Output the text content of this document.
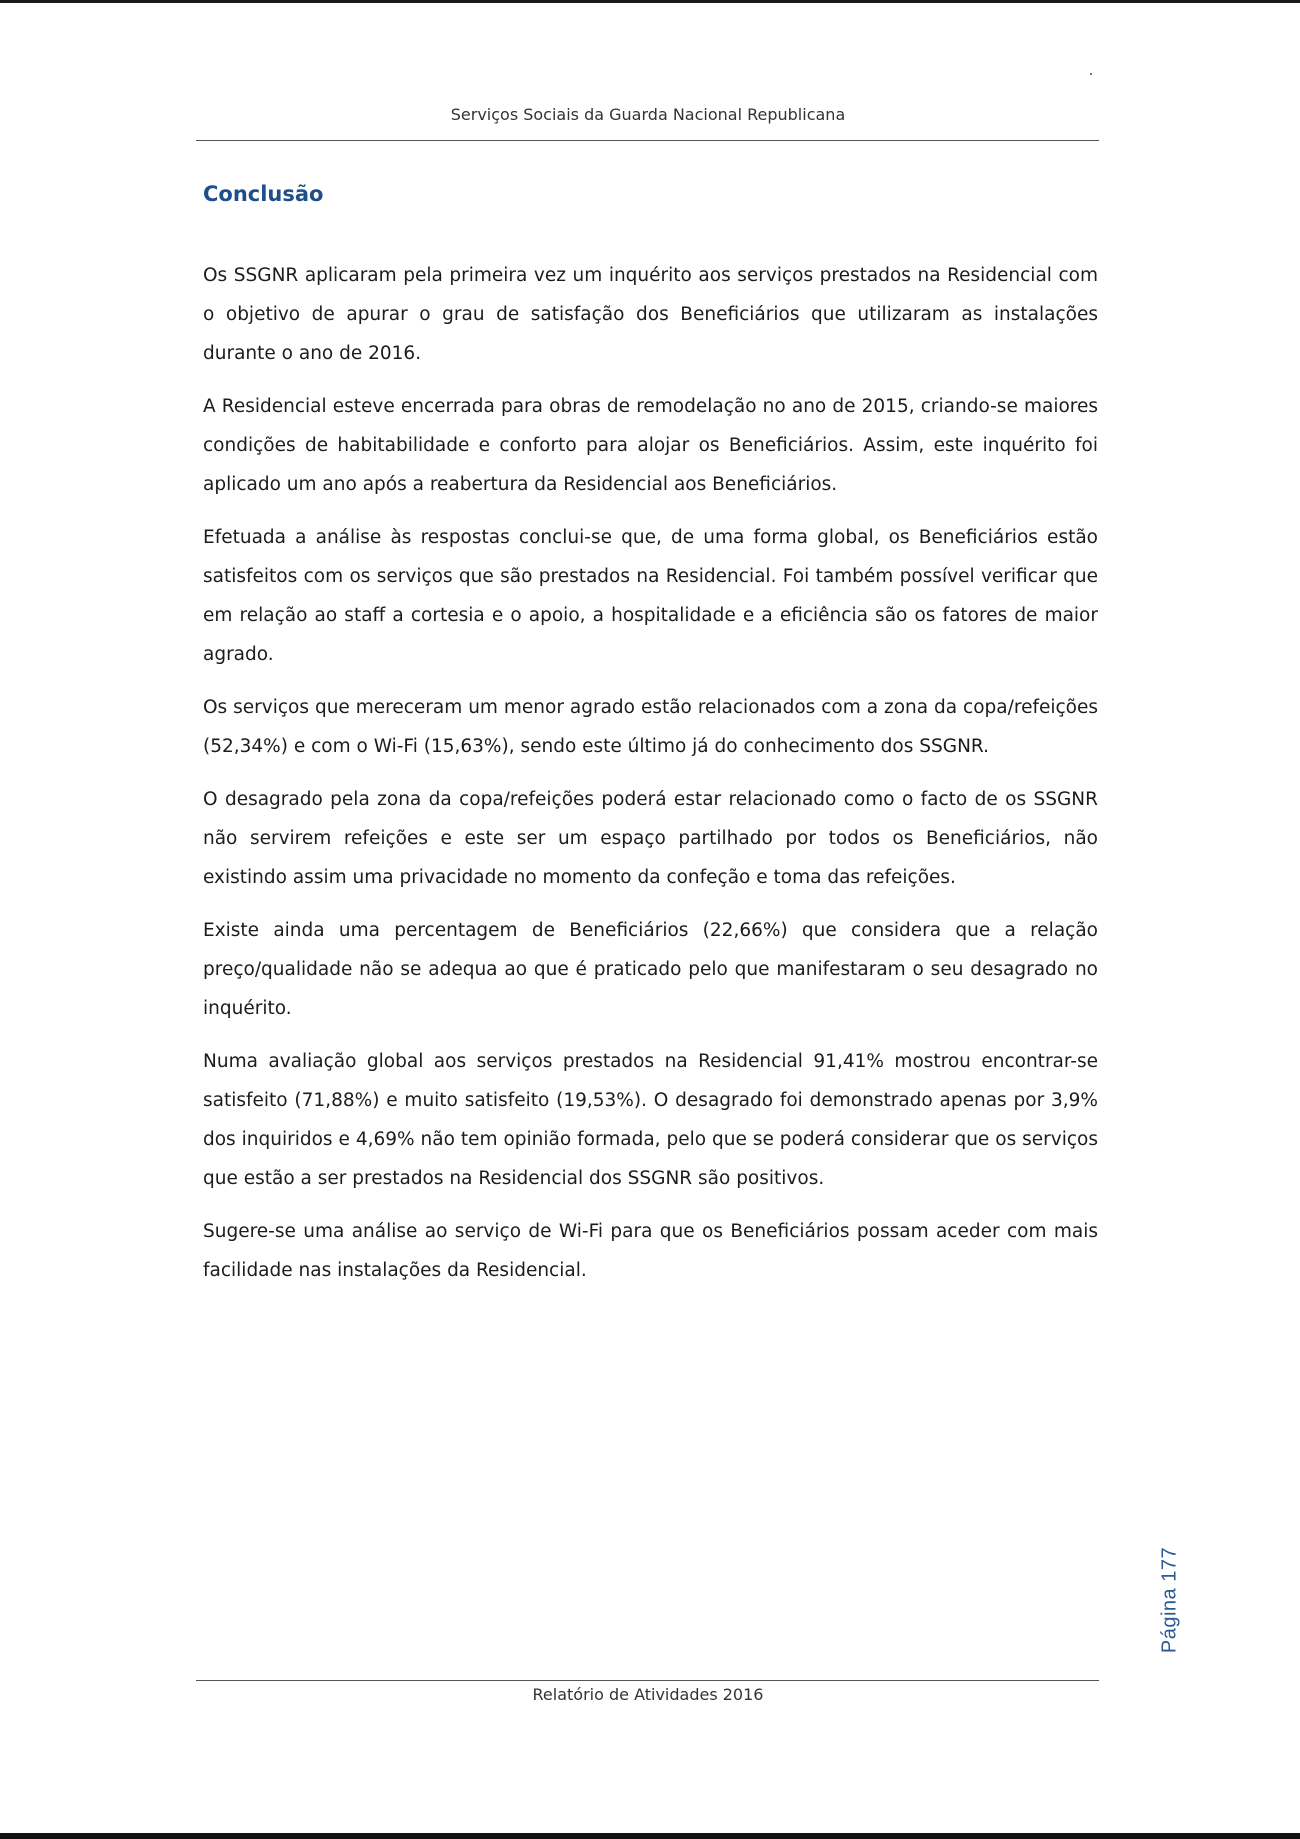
Serviços Sociais da Guarda Nacional Republicana
Conclusão

Os SSGNR aplicaram pela primeira vez um inquérito aos serviços prestados na Residencial com o objetivo de apurar o grau de satisfação dos Beneficiários que utilizaram as instalações durante o ano de 2016.

A Residencial esteve encerrada para obras de remodelação no ano de 2015, criando-se maiores condições de habitabilidade e conforto para alojar os Beneficiários. Assim, este inquérito foi aplicado um ano após a reabertura da Residencial aos Beneficiários.

Efetuada a análise às respostas conclui-se que, de uma forma global, os Beneficiários estão satisfeitos com os serviços que são prestados na Residencial. Foi também possível verificar que em relação ao staff a cortesia e o apoio, a hospitalidade e a eficiência são os fatores de maior agrado.

Os serviços que mereceram um menor agrado estão relacionados com a zona da copa/refeições (52,34%) e com o Wi-Fi (15,63%), sendo este último já do conhecimento dos SSGNR.

O desagrado pela zona da copa/refeições poderá estar relacionado como o facto de os SSGNR não servirem refeições e este ser um espaço partilhado por todos os Beneficiários, não existindo assim uma privacidade no momento da confeção e toma das refeições.

Existe ainda uma percentagem de Beneficiários (22,66%) que considera que a relação preço/qualidade não se adequa ao que é praticado pelo que manifestaram o seu desagrado no inquérito.

Numa avaliação global aos serviços prestados na Residencial 91,41% mostrou encontrar-se satisfeito (71,88%) e muito satisfeito (19,53%). O desagrado foi demonstrado apenas por 3,9% dos inquiridos e 4,69% não tem opinião formada, pelo que se poderá considerar que os serviços que estão a ser prestados na Residencial dos SSGNR são positivos.

Sugere-se uma análise ao serviço de Wi-Fi para que os Beneficiários possam aceder com mais facilidade nas instalações da Residencial.

Página 177
Relatório de Atividades 2016
